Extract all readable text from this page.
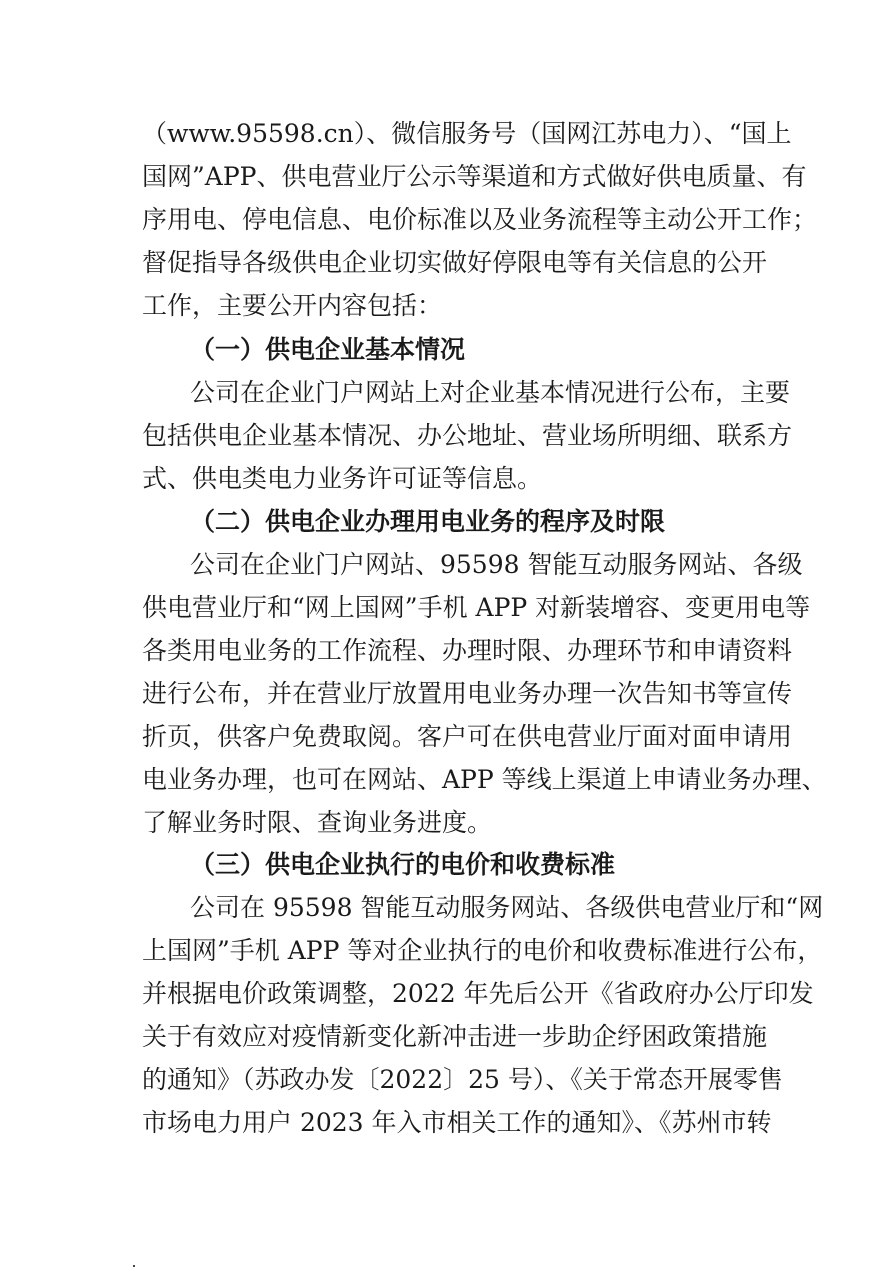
（www.95598.cn）、微信服务号（国网江苏电力）、“国上
国网”APP、供电营业厅公示等渠道和方式做好供电质量、有
序用电、停电信息、电价标准以及业务流程等主动公开工作；
督促指导各级供电企业切实做好停限电等有关信息的公开
工作，主要公开内容包括：
（一）供电企业基本情况
公司在企业门户网站上对企业基本情况进行公布，主要
包括供电企业基本情况、办公地址、营业场所明细、联系方
式、供电类电力业务许可证等信息。
（二）供电企业办理用电业务的程序及时限
公司在企业门户网站、95598 智能互动服务网站、各级
供电营业厅和“网上国网”手机 APP 对新装增容、变更用电等
各类用电业务的工作流程、办理时限、办理环节和申请资料
进行公布，并在营业厅放置用电业务办理一次告知书等宣传
折页，供客户免费取阅。客户可在供电营业厅面对面申请用
电业务办理，也可在网站、APP 等线上渠道上申请业务办理、
了解业务时限、查询业务进度。
（三）供电企业执行的电价和收费标准
公司在 95598 智能互动服务网站、各级供电营业厅和“网
上国网”手机 APP 等对企业执行的电价和收费标准进行公布，
并根据电价政策调整，2022 年先后公开《省政府办公厅印发
关于有效应对疫情新变化新冲击进一步助企纾困政策措施
的通知》（苏政办发〔2022〕25 号）、《关于常态开展零售
市场电力用户 2023 年入市相关工作的通知》、《苏州市转
